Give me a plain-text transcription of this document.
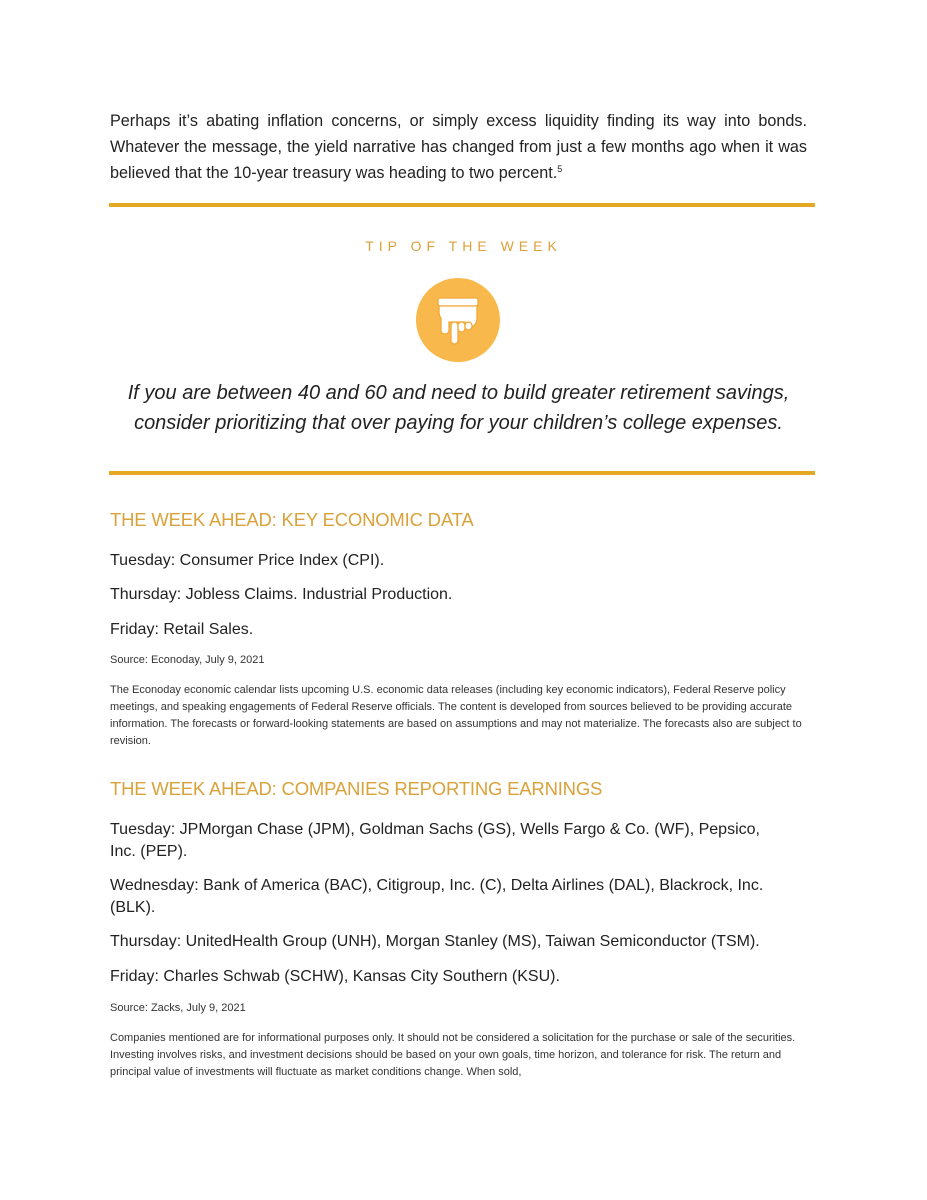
Perhaps it’s abating inflation concerns, or simply excess liquidity finding its way into bonds. Whatever the message, the yield narrative has changed from just a few months ago when it was believed that the 10-year treasury was heading to two percent.$^5$

TIP OF THE WEEK

If you are between 40 and 60 and need to build greater retirement savings,
consider prioritizing that over paying for your children’s college expenses.

THE WEEK AHEAD: KEY ECONOMIC DATA

Tuesday: Consumer Price Index (CPI).

Thursday: Jobless Claims. Industrial Production.

Friday: Retail Sales.

Source: Econoday, July 9, 2021

The Econoday economic calendar lists upcoming U.S. economic data releases (including key economic indicators), Federal Reserve policy meetings, and speaking engagements of Federal Reserve officials. The content is developed from sources believed to be providing accurate information. The forecasts or forward-looking statements are based on assumptions and may not materialize. The forecasts also are subject to revision.

THE WEEK AHEAD: COMPANIES REPORTING EARNINGS

Tuesday: JPMorgan Chase (JPM), Goldman Sachs (GS), Wells Fargo & Co. (WF), Pepsico, Inc. (PEP).

Wednesday: Bank of America (BAC), Citigroup, Inc. (C), Delta Airlines (DAL), Blackrock, Inc. (BLK).

Thursday: UnitedHealth Group (UNH), Morgan Stanley (MS), Taiwan Semiconductor (TSM).

Friday: Charles Schwab (SCHW), Kansas City Southern (KSU).

Source: Zacks, July 9, 2021

Companies mentioned are for informational purposes only. It should not be considered a solicitation for the purchase or sale of the securities. Investing involves risks, and investment decisions should be based on your own goals, time horizon, and tolerance for risk. The return and principal value of investments will fluctuate as market conditions change. When sold,
